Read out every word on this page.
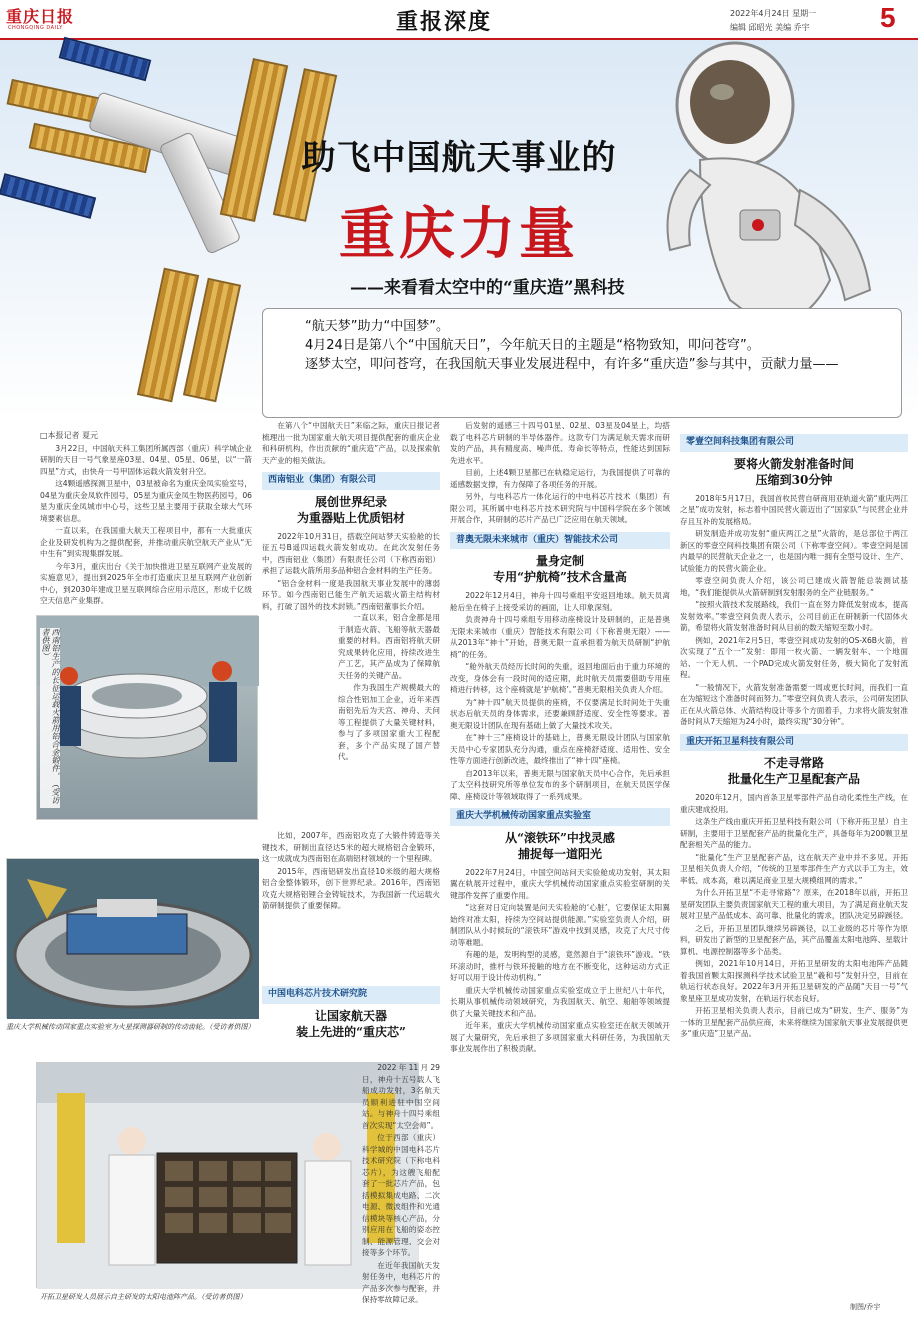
重庆日报
CHONGQING DAILY	重报深度	2022年4月24日 星期一
编辑 邱昭光 美编 乔宇	5
助飞中国航天事业的
重庆力量
——来看看太空中的“重庆造”黑科技

“航天梦”助力“中国梦”。

4月24日是第八个“中国航天日”，今年航天日的主题是“格物致知，叩问苍穹”。

逐梦太空，叩问苍穹，在我国航天事业发展进程中，有许多“重庆造”参与其中，贡献力量——

□本报记者 夏元

3月22日，中国航天科工集团所属西部（重庆）科学城企业研制的天目一号气象星座03星、04星、05星、06星，以“一箭四星”方式，由快舟一号甲固体运载火箭发射升空。

这4颗遥感探测卫星中，03星被命名为重庆金凤实验室号，04星为重庆金凤软件园号，05星为重庆金凤生物医药园号，06星为重庆金凤城市中心号，这些卫星主要用于获取全球大气环境要素信息。

一直以来，在我国重大航天工程项目中，都有一大批重庆企业及研发机构为之提供配套，并推动重庆航空航天产业从“无中生有”到实现集群发展。

今年3月，重庆出台《关于加快推进卫星互联网产业发展的实施意见》，提出到2025年全市打造重庆卫星互联网产业创新中心，到2030年建成卫星互联网综合应用示范区，形成千亿级空天信息产业集群。

西南铝生产的长征运载火箭用铝合金锻件。（受访者供图）
重庆大学机械传动国家重点实验室为火星探测器研制的传动齿轮。（受访者供图）
开拓卫星研发人员展示自主研发的太阳电池阵产品。（受访者供图）

在第八个“中国航天日”来临之际，重庆日报记者梳理出一批为国家重大航天项目提供配套的重庆企业和科研机构，作出贡献的“重庆造”产品，以及探索航天产业的相关做法。

西南铝业（集团）有限公司
展创世界纪录
为重器贴上优质铝材

2022年10月31日，搭载空间站梦天实验舱的长征五号B遥四运载火箭发射成功。在此次发射任务中，西南铝业（集团）有限责任公司（下称西南铝）承担了运载火箭所用多品种铝合金材料的生产任务。

“铝合金材料一度是我国航天事业发展中的薄弱环节。如今西南铝已能生产航天运载火箭主结构材料，打破了国外的技术封锁。”西南铝董事长介绍。

一直以来，铝合金都是用于制造火箭、飞船等航天器最重要的材料。西南铝将航天研究成果转化应用，持续改进生产工艺，其产品成为了保障航天任务的关键产品。

作为我国生产规模最大的综合性铝加工企业，近年来西南铝先后为天宫、神舟、天问等工程提供了大量关键材料，参与了多项国家重大工程配套，多个产品实现了国产替代。

比如，2007年，西南铝攻克了大锻件铸造等关键技术，研制出直径达5米的超大规格铝合金锻环，这一成就成为西南铝在高端铝材领域的一个里程碑。

2015年，西南铝研发出直径10米级的超大规格铝合金整体锻环，创下世界纪录。2016年，西南铝攻克大规格铝锂合金铸锭技术，为我国新一代运载火箭研制提供了重要保障。

中国电科芯片技术研究院
让国家航天器
装上先进的“重庆芯”

2022年11月29日，神舟十五号载人飞船成功发射，3名航天员顺利进驻中国空间站。与神舟十四号乘组首次实现“太空会师”。

位于西部（重庆）科学城的中国电科芯片技术研究院（下称电科芯片），为这艘飞船配套了一批芯片产品，包括模拟集成电路、二次电源、微波组件和光通信模块等核心产品，分别应用在飞船的姿态控制、能源管理、交会对接等多个环节。

在近年我国航天发射任务中，电科芯片的产品多次参与配套，并保持零故障记录。

后发射的遥感三十四号01星、02星、03星及04星上，均搭载了电科芯片研制的半导体器件。这款专门为满足航天需求而研发的产品，具有精度高、噪声低、寿命长等特点，性能达到国际先进水平。

目前，上述4颗卫星都已在轨稳定运行，为我国提供了可靠的遥感数据支撑，有力保障了各项任务的开展。

另外，与电科芯片一体化运行的中电科芯片技术（集团）有限公司，其所属中电科芯片技术研究院与中国科学院在多个领域开展合作，其研制的芯片产品已广泛应用在航天领域。

普奥无限未来城市（重庆）智能技术公司
量身定制
专用“护航椅”技术含量高

2022年12月4日，神舟十四号乘组平安返回地球。航天员离舱后坐在椅子上接受采访的画面，让人印象深刻。

负责神舟十四号乘组专用移动座椅设计及研制的，正是普奥无限未来城市（重庆）智能技术有限公司（下称普奥无限）——从2013年“神十”开始，普奥无限一直承担着为航天员研制“护航椅”的任务。

“舱外航天员经历长时间的失重，返回地面后由于重力环境的改变，身体会有一段时间的适应期，此时航天员需要借助专用座椅进行转移，这个座椅就是‘护航椅’。”普奥无限相关负责人介绍。

为“神十四”航天员提供的座椅，不仅要满足长时间处于失重状态后航天员的身体需求，还要兼顾舒适度、安全性等要求。普奥无限设计团队在现有基础上做了大量技术攻关。

在“神十三”座椅设计的基础上，普奥无限设计团队与国家航天员中心专家团队充分沟通，重点在座椅舒适度、适用性、安全性等方面进行创新改进，最终推出了“神十四”座椅。

自2013年以来，普奥无限与国家航天员中心合作，先后承担了太空科技研究所等单位发布的多个研制项目，在航天员医学保障、座椅设计等领域取得了一系列成果。

重庆大学机械传动国家重点实验室
从“滚铁环”中找灵感
捕捉每一道阳光

2022年7月24日，中国空间站问天实验舱成功发射，其太阳翼在轨展开过程中，重庆大学机械传动国家重点实验室研制的关键部件发挥了重要作用。

“这套对日定向装置是问天实验舱的‘心脏’，它要保证太阳翼始终对准太阳，持续为空间站提供能源。”实验室负责人介绍，研制团队从小时候玩的“滚铁环”游戏中找到灵感，攻克了大尺寸传动等难题。

有趣的是，发明构型的灵感，竟然源自于“滚铁环”游戏。“铁环滚动时，推杆与铁环接触的地方在不断变化，这种运动方式正好可以用于设计传动机构。”

重庆大学机械传动国家重点实验室成立于上世纪八十年代，长期从事机械传动领域研究，为我国航天、航空、船舶等领域提供了大量关键技术和产品。

近年来，重庆大学机械传动国家重点实验室还在航天领域开展了大量研究，先后承担了多项国家重大科研任务，为我国航天事业发展作出了积极贡献。

零壹空间科技集团有限公司
要将火箭发射准备时间
压缩到30分钟

2018年5月17日，我国首枚民营自研商用亚轨道火箭“重庆两江之星”成功发射，标志着中国民营火箭迈出了“国家队”与民营企业并存且互补的发展格局。

研发制造并成功发射“重庆两江之星”火箭的，是总部位于两江新区的零壹空间科技集团有限公司（下称零壹空间）。零壹空间是国内最早的民营航天企业之一，也是国内唯一拥有全型号设计、生产、试验能力的民营火箭企业。

零壹空间负责人介绍，该公司已建成火箭智能总装测试基地，“我们能提供从火箭研制到发射服务的全产业链服务。”

“按照火箭技术发展路线，我们一直在努力降低发射成本，提高发射效率。”零壹空间负责人表示，公司目前正在研制新一代固体火箭，希望将火箭发射准备时间从目前的数天缩短至数小时。

例如，2021年2月5日，零壹空间成功发射的OS-X6B火箭，首次实现了“五个一”发射：即用一枚火箭、一辆发射车、一个地面站、一个无人机、一个PAD完成火箭发射任务，极大简化了发射流程。

“一般情况下，火箭发射准备需要一周或更长时间，而我们一直在为缩短这个准备时间而努力。”零壹空间负责人表示，公司研发团队正在从火箭总体、火箭结构设计等多个方面着手，力求将火箭发射准备时间从7天缩短为24小时，最终实现“30分钟”。

重庆开拓卫星科技有限公司
不走寻常路
批量化生产卫星配套产品

2020年12月，国内首条卫星零部件产品自动化柔性生产线，在重庆建成投用。

这条生产线由重庆开拓卫星科技有限公司（下称开拓卫星）自主研制，主要用于卫星配套产品的批量化生产，具备每年为200颗卫星配套相关产品的能力。

“批量化”生产卫星配套产品，这在航天产业中并不多见。开拓卫星相关负责人介绍，“传统的卫星零部件生产方式以手工为主，效率低、成本高，难以满足商业卫星大规模组网的需求。”

为什么开拓卫星“不走寻常路”？原来，在2018年以前，开拓卫星研发团队主要负责国家航天工程的重大项目，为了满足商业航天发展对卫星产品低成本、高可靠、批量化的需求，团队决定另辟蹊径。

之后，开拓卫星团队继续另辟蹊径，以工业级的芯片等作为原料，研发出了新型的卫星配套产品，其产品覆盖太阳电池阵、星载计算机、电源控制器等多个品类。

例如，2021年10月14日，开拓卫星研发的太阳电池阵产品随着我国首颗太阳探测科学技术试验卫星“羲和号”发射升空，目前在轨运行状态良好。2022年3月开拓卫星研发的产品随“天目一号”气象星座卫星成功发射，在轨运行状态良好。

开拓卫星相关负责人表示，目前已成为“研发、生产、服务”为一体的卫星配套产品供应商，未来将继续为国家航天事业发展提供更多“重庆造”卫星产品。

制图/乔宇
